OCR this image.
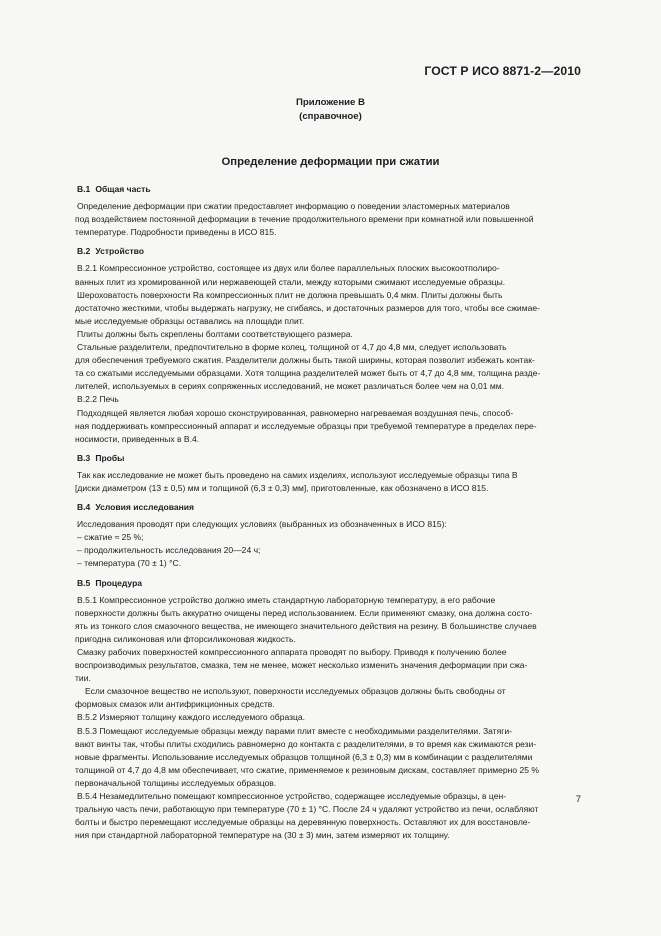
ГОСТ Р ИСО 8871-2—2010
Приложение В
(справочное)
Определение деформации при сжатии
В.1 Общая часть
Определение деформации при сжатии предоставляет информацию о поведении эластомерных материалов
под воздействием постоянной деформации в течение продолжительного времени при комнатной или повышенной
температуре. Подробности приведены в ИСО 815.
В.2 Устройство
В.2.1 Компрессионное устройство, состоящее из двух или более параллельных плоских высокоотполиро-
ванных плит из хромированной или нержавеющей стали, между которыми сжимают исследуемые образцы.
Шероховатость поверхности Ra компрессионных плит не должна превышать 0,4 мкм. Плиты должны быть
достаточно жесткими, чтобы выдержать нагрузку, не сгибаясь, и достаточных размеров для того, чтобы все сжимае-
мые исследуемые образцы оставались на площади плит.
Плиты должны быть скреплены болтами соответствующего размера.
Стальные разделители, предпочтительно в форме колец, толщиной от 4,7 до 4,8 мм, следует использовать
для обеспечения требуемого сжатия. Разделители должны быть такой ширины, которая позволит избежать контак-
та со сжатыми исследуемыми образцами. Хотя толщина разделителей может быть от 4,7 до 4,8 мм, толщина разде-
лителей, используемых в сериях сопряженных исследований, не может различаться более чем на 0,01 мм.
В.2.2 Печь
Подходящей является любая хорошо сконструированная, равномерно нагреваемая воздушная печь, способ-
ная поддерживать компрессионный аппарат и исследуемые образцы при требуемой температуре в пределах пере-
носимости, приведенных в В.4.
В.3 Пробы
Так как исследование не может быть проведено на самих изделиях, используют исследуемые образцы типа В
[диски диаметром (13 ± 0,5) мм и толщиной (6,3 ± 0,3) мм], приготовленные, как обозначено в ИСО 815.
В.4 Условия исследования
Исследования проводят при следующих условиях (выбранных из обозначенных в ИСО 815):
– сжатие ≈ 25 %;
– продолжительность исследования 20—24 ч;
– температура (70 ± 1) °С.
В.5 Процедура
В.5.1 Компрессионное устройство должно иметь стандартную лабораторную температуру, а его рабочие
поверхности должны быть аккуратно очищены перед использованием. Если применяют смазку, она должна состо-
ять из тонкого слоя смазочного вещества, не имеющего значительного действия на резину. В большинстве случаев
пригодна силиконовая или фторсиликоновая жидкость.
Смазку рабочих поверхностей компрессионного аппарата проводят по выбору. Приводя к получению более
воспроизводимых результатов, смазка, тем не менее, может несколько изменить значения деформации при сжа-
тии.
Если смазочное вещество не используют, поверхности исследуемых образцов должны быть свободны от
формовых смазок или антифрикционных средств.
В.5.2 Измеряют толщину каждого исследуемого образца.
В.5.3 Помещают исследуемые образцы между парами плит вместе с необходимыми разделителями. Затяги-
вают винты так, чтобы плиты сходились равномерно до контакта с разделителями, в то время как сжимаются рези-
новые фрагменты. Использование исследуемых образцов толщиной (6,3 ± 0,3) мм в комбинации с разделителями
толщиной от 4,7 до 4,8 мм обеспечивает, что сжатие, применяемое к резиновым дискам, составляет примерно 25 %
первоначальной толщины исследуемых образцов.
В.5.4 Незамедлительно помещают компрессионное устройство, содержащее исследуемые образцы, в цен-
тральную часть печи, работающую при температуре (70 ± 1) °С. После 24 ч удаляют устройство из печи, ослабляют
болты и быстро перемещают исследуемые образцы на деревянную поверхность. Оставляют их для восстановле-
ния при стандартной лабораторной температуре на (30 ± 3) мин, затем измеряют их толщину.
7
